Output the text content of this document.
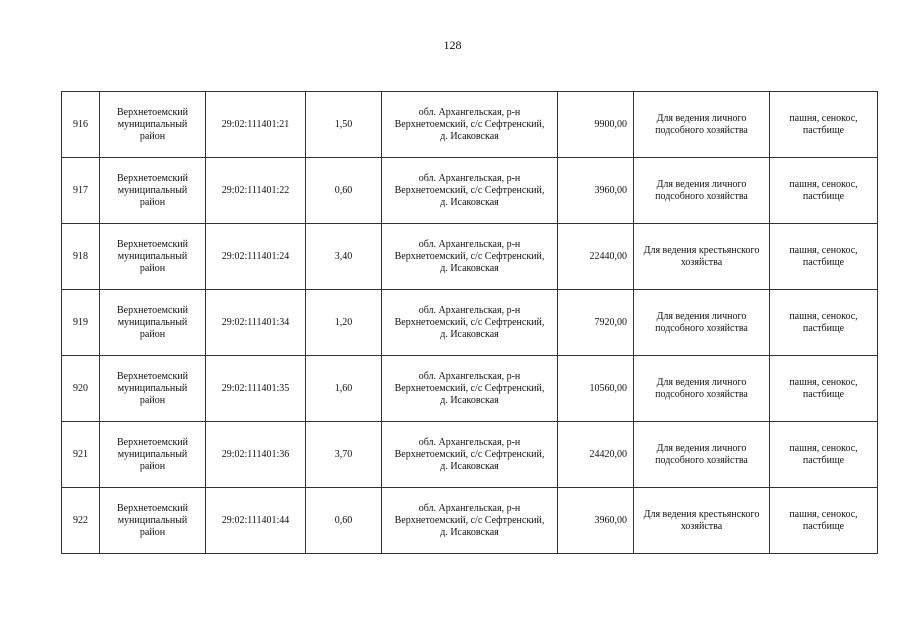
128
916	Верхнетоемский
муниципальный
район	29:02:111401:21	1,50	обл. Архангельская, р-н
Верхнетоемский, с/с Сефтренский,
д. Исаковская	9900,00	Для ведения личного
подсобного хозяйства	пашня, сенокос,
пастбище

917	Верхнетоемский
муниципальный
район	29:02:111401:22	0,60	обл. Архангельская, р-н
Верхнетоемский, с/с Сефтренский,
д. Исаковская	3960,00	Для ведения личного
подсобного хозяйства	пашня, сенокос,
пастбище

918	Верхнетоемский
муниципальный
район	29:02:111401:24	3,40	обл. Архангельская, р-н
Верхнетоемский, с/с Сефтренский,
д. Исаковская	22440,00	Для ведения крестьянского
хозяйства	пашня, сенокос,
пастбище

919	Верхнетоемский
муниципальный
район	29:02:111401:34	1,20	обл. Архангельская, р-н
Верхнетоемский, с/с Сефтренский,
д. Исаковская	7920,00	Для ведения личного
подсобного хозяйства	пашня, сенокос,
пастбище

920	Верхнетоемский
муниципальный
район	29:02:111401:35	1,60	обл. Архангельская, р-н
Верхнетоемский, с/с Сефтренский,
д. Исаковская	10560,00	Для ведения личного
подсобного хозяйства	пашня, сенокос,
пастбище

921	Верхнетоемский
муниципальный
район	29:02:111401:36	3,70	обл. Архангельская, р-н
Верхнетоемский, с/с Сефтренский,
д. Исаковская	24420,00	Для ведения личного
подсобного хозяйства	пашня, сенокос,
пастбище

922	Верхнетоемский
муниципальный
район	29:02:111401:44	0,60	обл. Архангельская, р-н
Верхнетоемский, с/с Сефтренский,
д. Исаковская	3960,00	Для ведения крестьянского
хозяйства	пашня, сенокос,
пастбище
